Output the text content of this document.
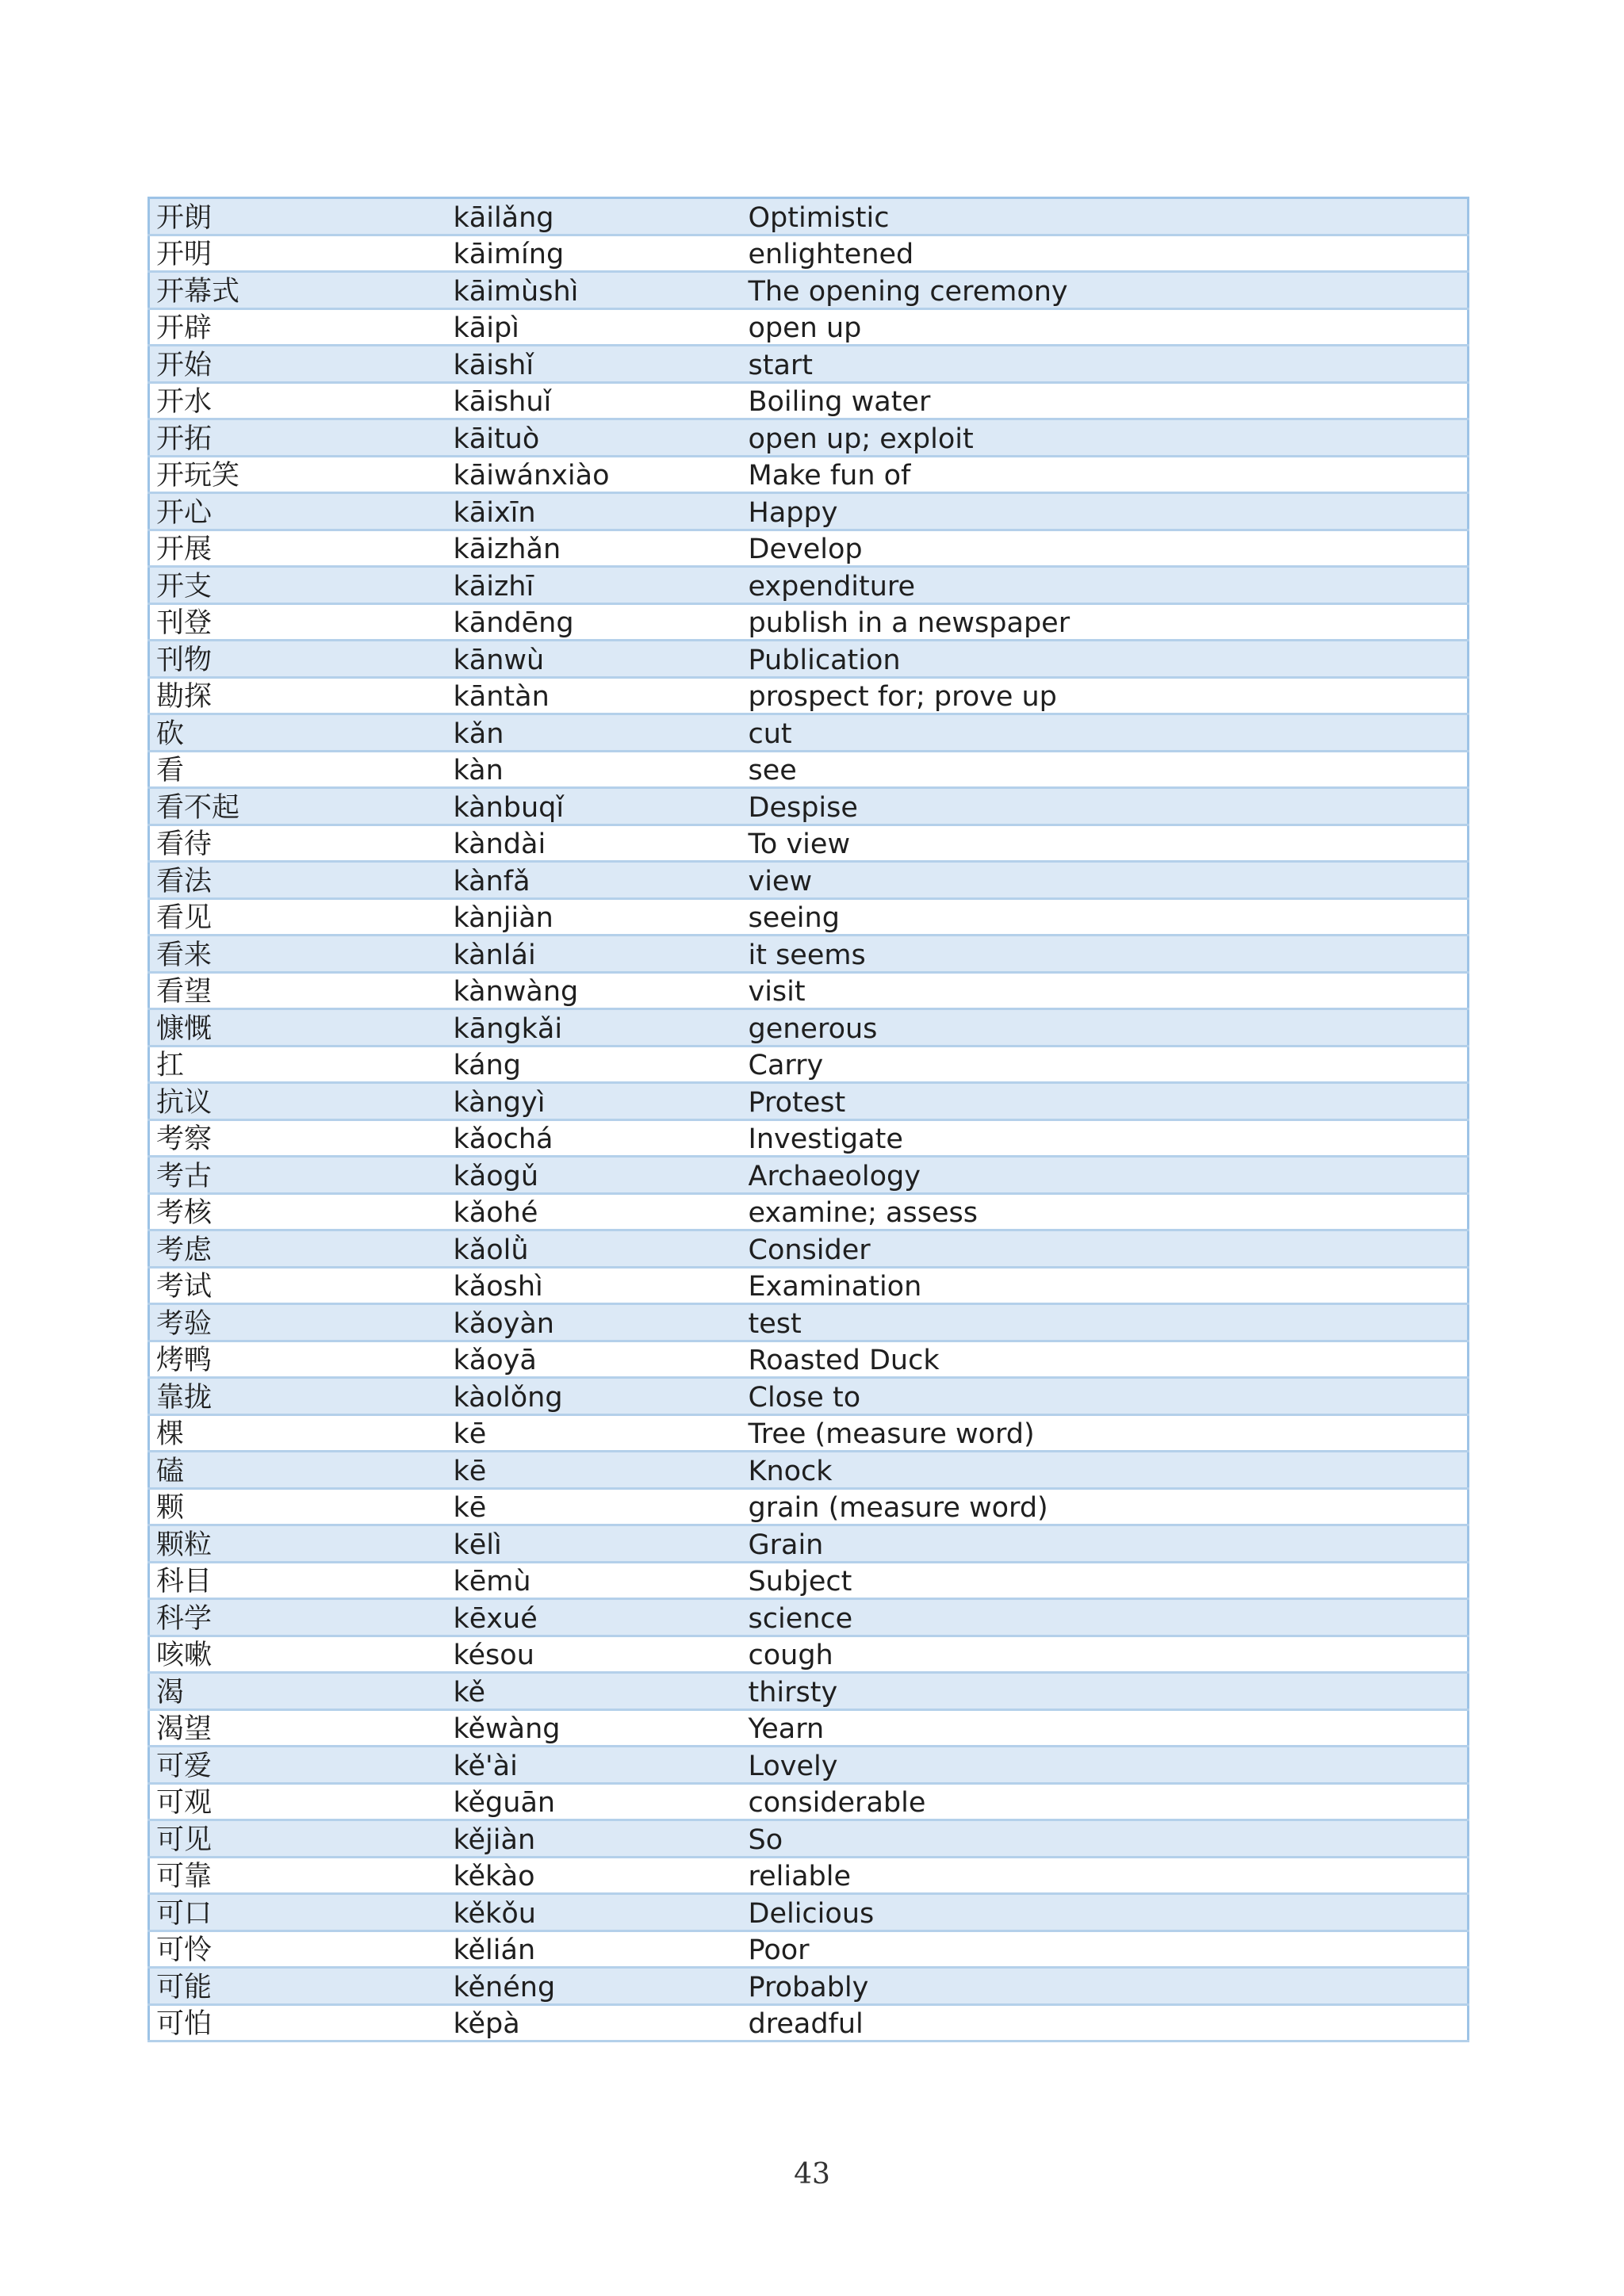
开朗	kāilǎng	Optimistic
开明	kāimíng	enlightened
开幕式	kāimùshì	The opening ceremony
开辟	kāipì	open up
开始	kāishǐ	start
开水	kāishuǐ	Boiling water
开拓	kāituò	open up; exploit
开玩笑	kāiwánxiào	Make fun of
开心	kāixīn	Happy
开展	kāizhǎn	Develop
开支	kāizhī	expenditure
刊登	kāndēng	publish in a newspaper
刊物	kānwù	Publication
勘探	kāntàn	prospect for; prove up
砍	kǎn	cut
看	kàn	see
看不起	kànbuqǐ	Despise
看待	kàndài	To view
看法	kànfǎ	view
看见	kànjiàn	seeing
看来	kànlái	it seems
看望	kànwàng	visit
慷慨	kāngkǎi	generous
扛	káng	Carry
抗议	kàngyì	Protest
考察	kǎochá	Investigate
考古	kǎogǔ	Archaeology
考核	kǎohé	examine; assess
考虑	kǎolǜ	Consider
考试	kǎoshì	Examination
考验	kǎoyàn	test
烤鸭	kǎoyā	Roasted Duck
靠拢	kàolǒng	Close to
棵	kē	Tree (measure word)
磕	kē	Knock
颗	kē	grain (measure word)
颗粒	kēlì	Grain
科目	kēmù	Subject
科学	kēxué	science
咳嗽	késou	cough
渴	kě	thirsty
渴望	kěwàng	Yearn
可爱	kě'ài	Lovely
可观	kěguān	considerable
可见	kějiàn	So
可靠	kěkào	reliable
可口	kěkǒu	Delicious
可怜	kělián	Poor
可能	kěnéng	Probably
可怕	kěpà	dreadful
43
